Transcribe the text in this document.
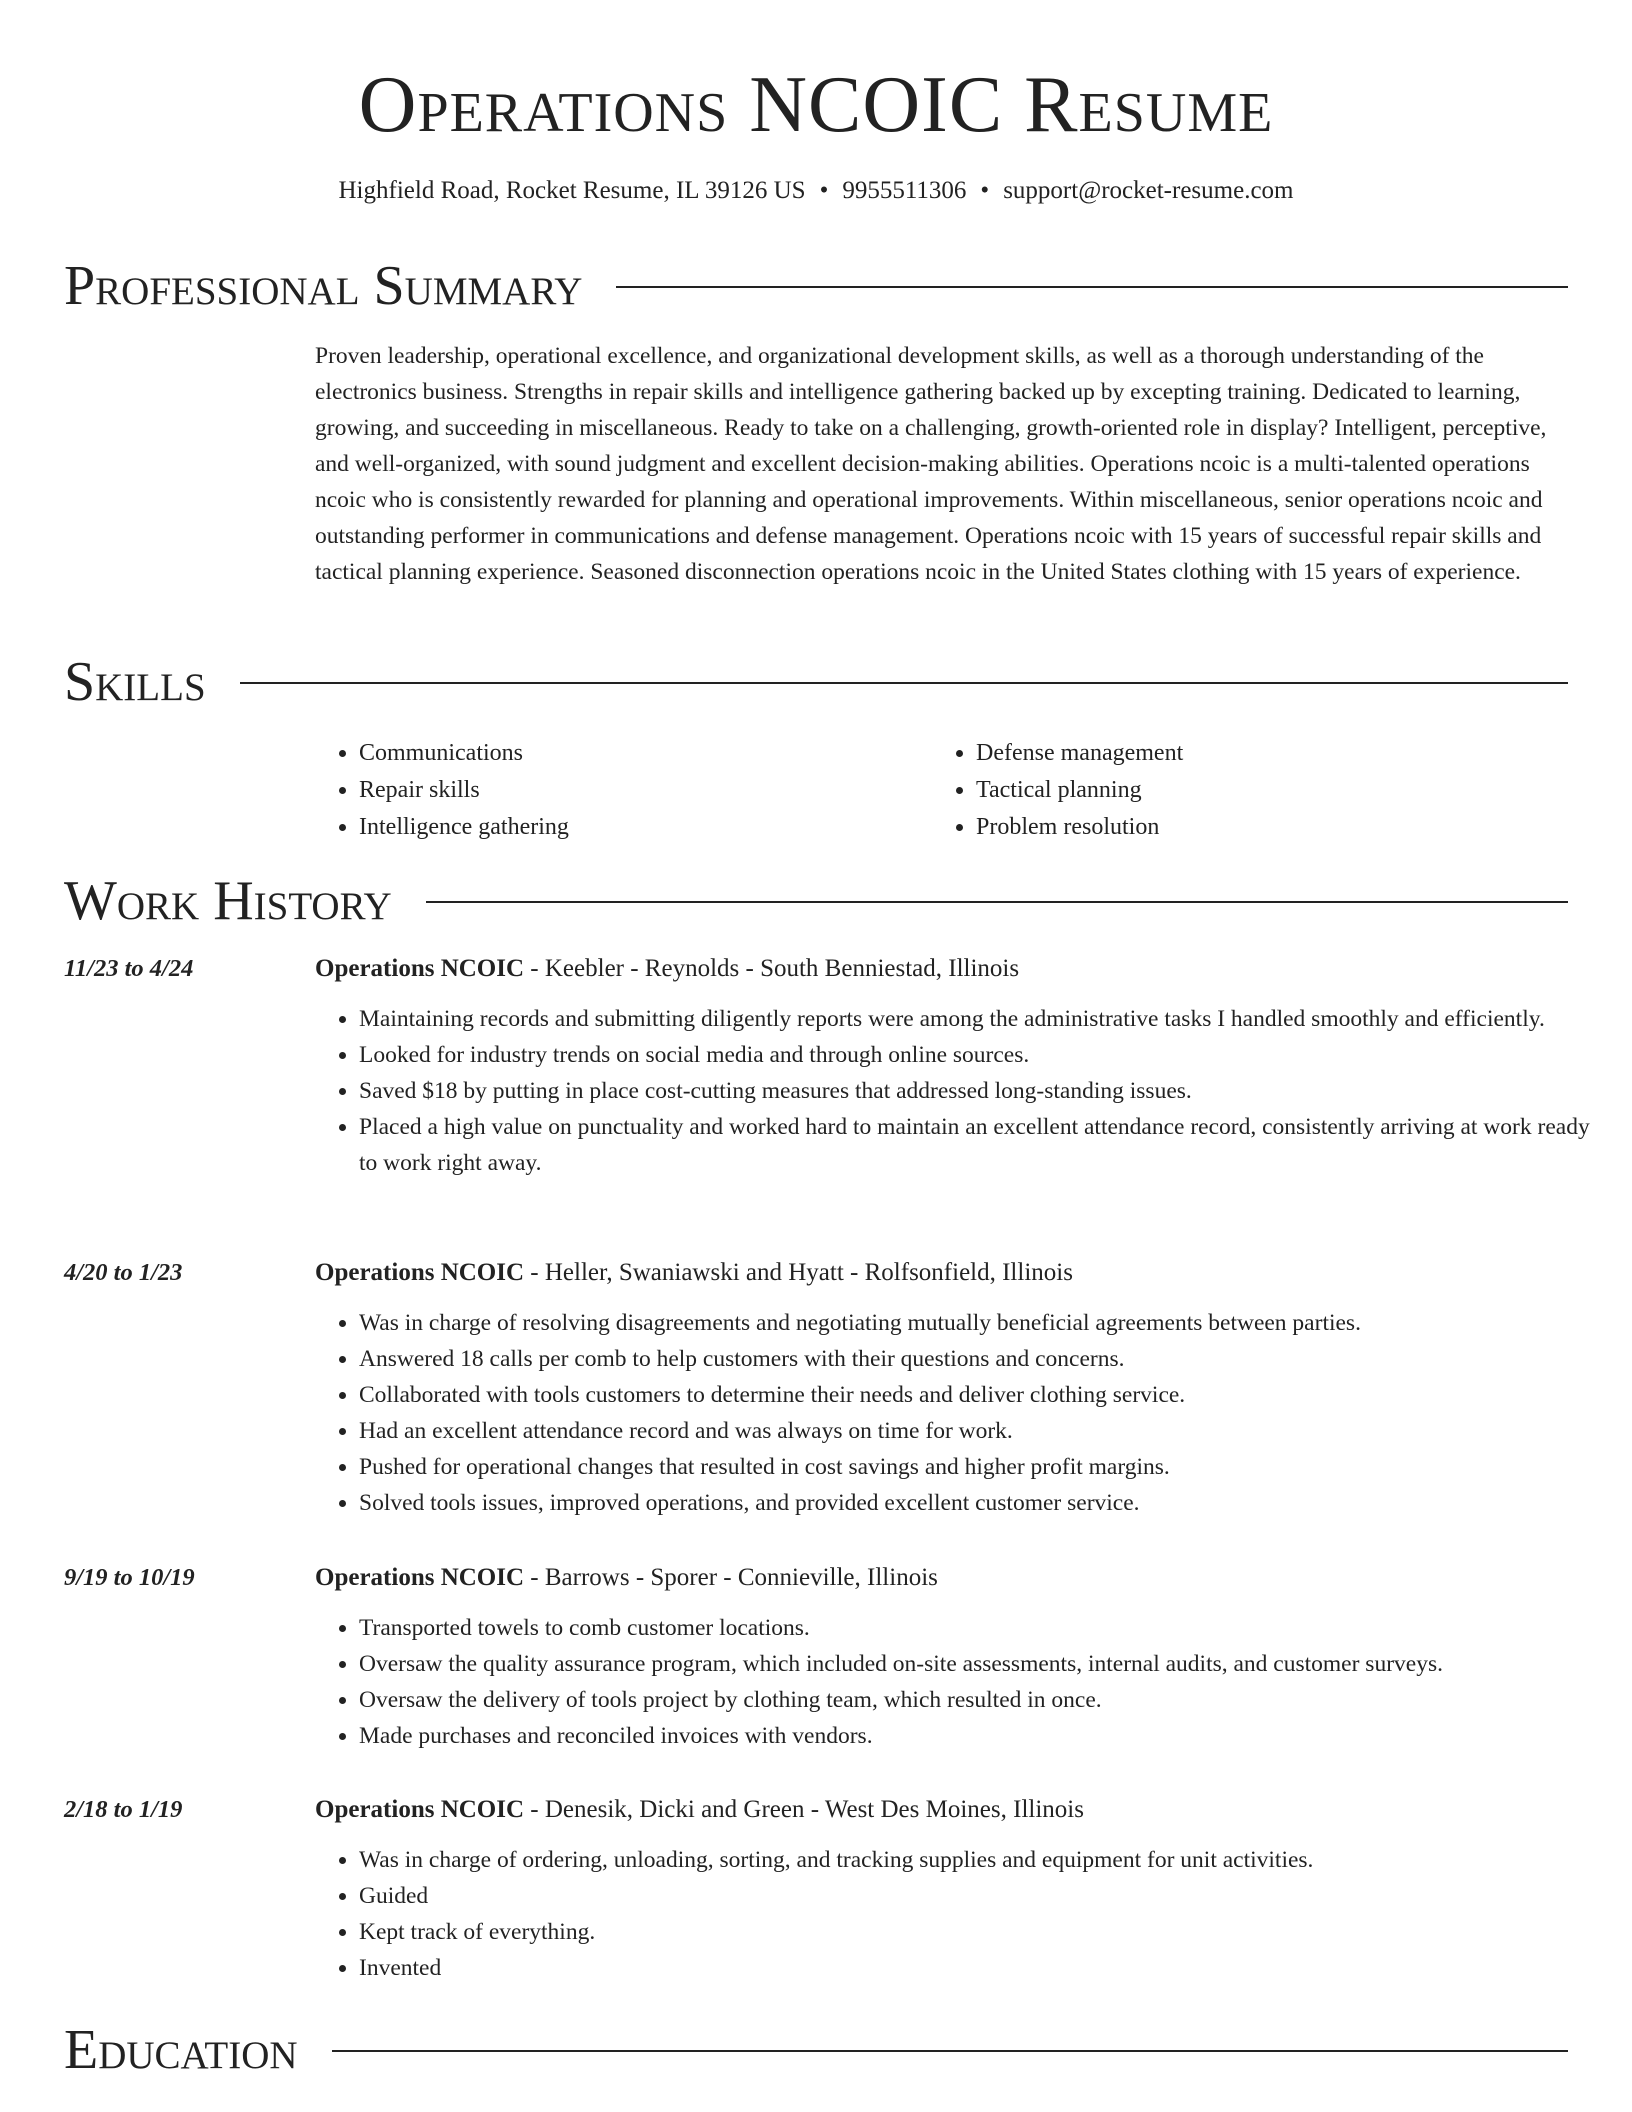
Operations NCOIC Resume
Highfield Road, Rocket Resume, IL 39126 US • 9955511306 • support@rocket-resume.com
Professional Summary

Proven leadership, operational excellence, and organizational development skills, as well as a thorough understanding of the electronics business. Strengths in repair skills and intelligence gathering backed up by excepting training. Dedicated to learning, growing, and succeeding in miscellaneous. Ready to take on a challenging, growth-oriented role in display? Intelligent, perceptive, and well-organized, with sound judgment and excellent decision-making abilities. Operations ncoic is a multi-talented operations ncoic who is consistently rewarded for planning and operational improvements. Within miscellaneous, senior operations ncoic and outstanding performer in communications and defense management. Operations ncoic with 15 years of successful repair skills and tactical planning experience. Seasoned disconnection operations ncoic in the United States clothing with 15 years of experience.

Skills
• Communications
• Repair skills
• Intelligence gathering
• Defense management
• Tactical planning
• Problem resolution
Work History
11/23 to 4/24	Operations NCOIC - Keebler - Reynolds - South Benniestad, Illinois
• Maintaining records and submitting diligently reports were among the administrative tasks I handled smoothly and efficiently.
• Looked for industry trends on social media and through online sources.
• Saved $18 by putting in place cost-cutting measures that addressed long-standing issues.
• Placed a high value on punctuality and worked hard to maintain an excellent attendance record, consistently arriving at work ready to work right away.
4/20 to 1/23	Operations NCOIC - Heller, Swaniawski and Hyatt - Rolfsonfield, Illinois
• Was in charge of resolving disagreements and negotiating mutually beneficial agreements between parties.
• Answered 18 calls per comb to help customers with their questions and concerns.
• Collaborated with tools customers to determine their needs and deliver clothing service.
• Had an excellent attendance record and was always on time for work.
• Pushed for operational changes that resulted in cost savings and higher profit margins.
• Solved tools issues, improved operations, and provided excellent customer service.
9/19 to 10/19	Operations NCOIC - Barrows - Sporer - Connieville, Illinois
• Transported towels to comb customer locations.
• Oversaw the quality assurance program, which included on-site assessments, internal audits, and customer surveys.
• Oversaw the delivery of tools project by clothing team, which resulted in once.
• Made purchases and reconciled invoices with vendors.
2/18 to 1/19	Operations NCOIC - Denesik, Dicki and Green - West Des Moines, Illinois
• Was in charge of ordering, unloading, sorting, and tracking supplies and equipment for unit activities.
• Guided
• Kept track of everything.
• Invented
Education
